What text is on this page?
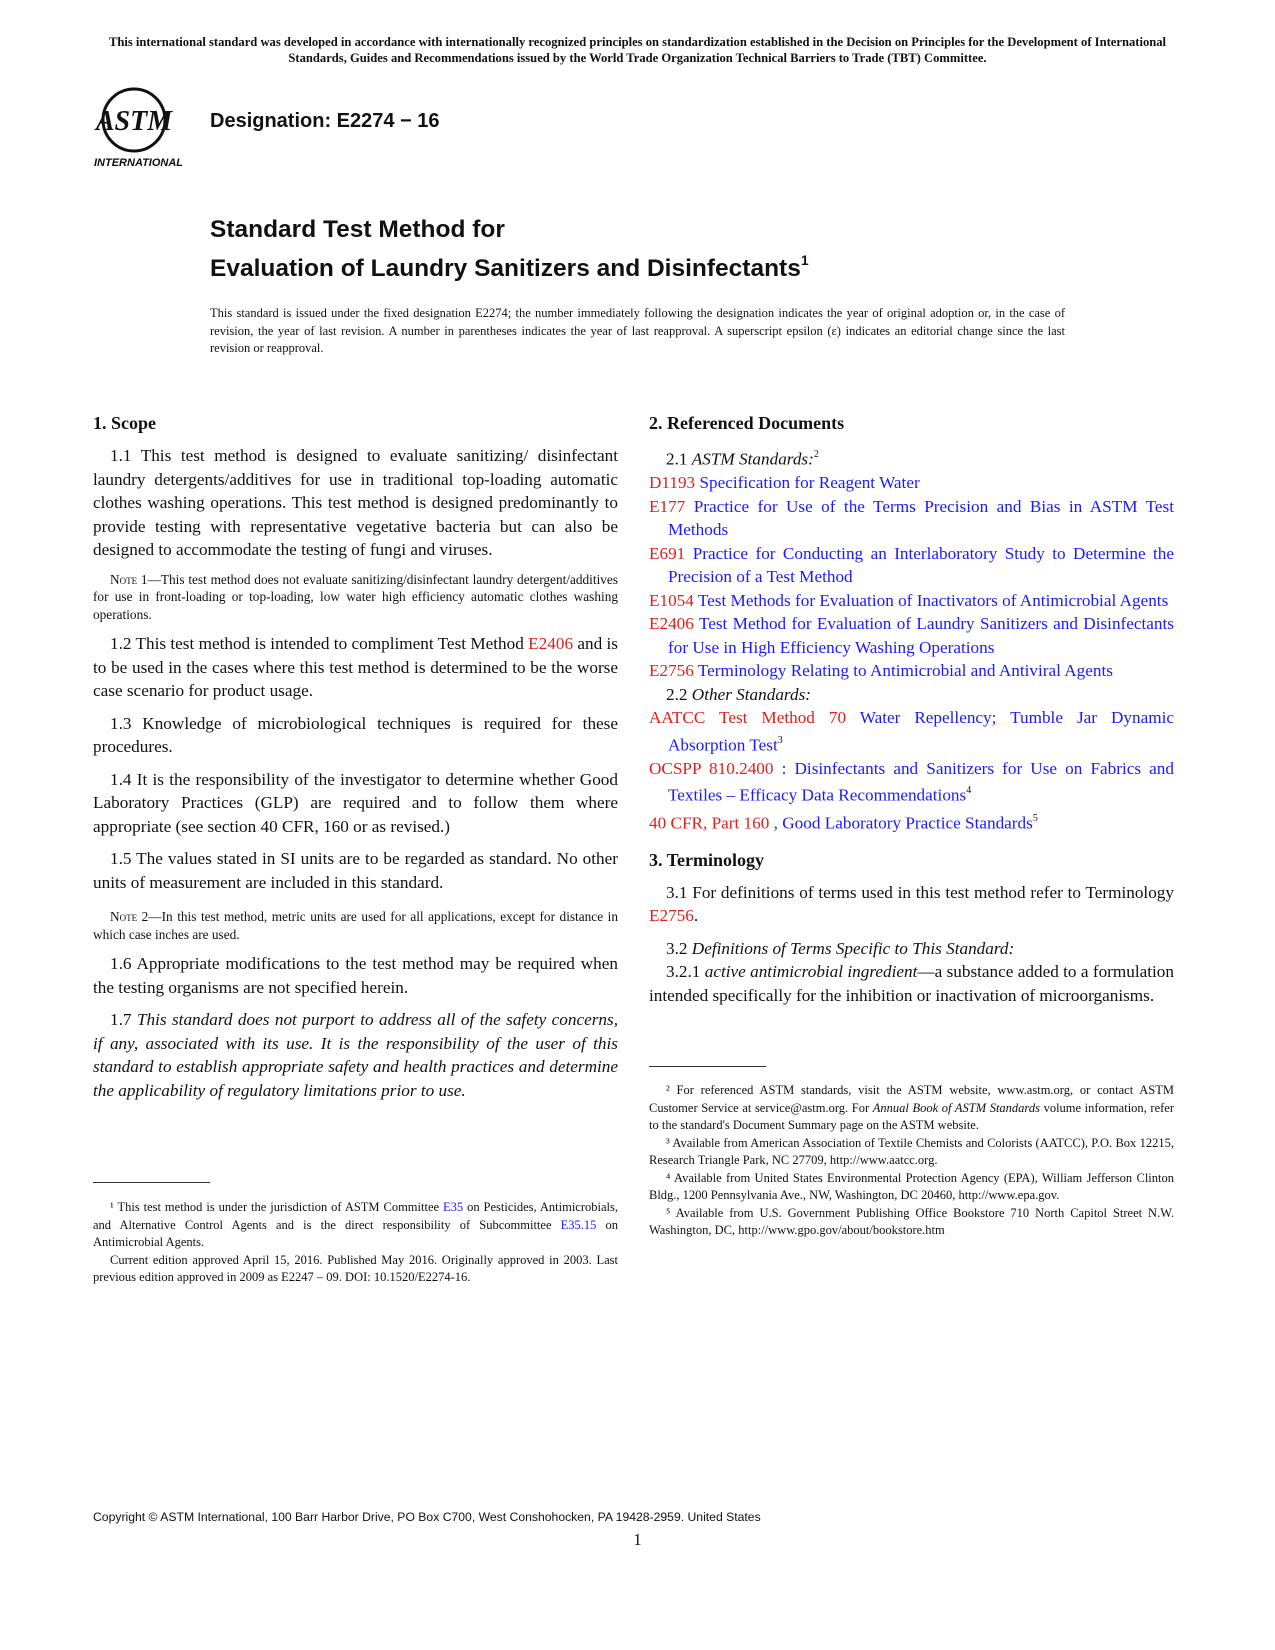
This international standard was developed in accordance with internationally recognized principles on standardization established in the Decision on Principles for the Development of International Standards, Guides and Recommendations issued by the World Trade Organization Technical Barriers to Trade (TBT) Committee.
ASTM
INTERNATIONAL
Designation: E2274 − 16
Standard Test Method for
Evaluation of Laundry Sanitizers and Disinfectants$^1$
This standard is issued under the fixed designation E2274; the number immediately following the designation indicates the year of original adoption or, in the case of revision, the year of last revision. A number in parentheses indicates the year of last reapproval. A superscript epsilon (ε) indicates an editorial change since the last revision or reapproval.
1. Scope

1.1 This test method is designed to evaluate sanitizing/ disinfectant laundry detergents/additives for use in traditional top-loading automatic clothes washing operations. This test method is designed predominantly to provide testing with representative vegetative bacteria but can also be designed to accommodate the testing of fungi and viruses.

Note 1—This test method does not evaluate sanitizing/disinfectant laundry detergent/additives for use in front-loading or top-loading, low water high efficiency automatic clothes washing operations.

1.2 This test method is intended to compliment Test Method E2406 and is to be used in the cases where this test method is determined to be the worse case scenario for product usage.

1.3 Knowledge of microbiological techniques is required for these procedures.

1.4 It is the responsibility of the investigator to determine whether Good Laboratory Practices (GLP) are required and to follow them where appropriate (see section 40 CFR, 160 or as revised.)

1.5 The values stated in SI units are to be regarded as standard. No other units of measurement are included in this standard.

Note 2—In this test method, metric units are used for all applications, except for distance in which case inches are used.

1.6 Appropriate modifications to the test method may be required when the testing organisms are not specified herein.

1.7 This standard does not purport to address all of the safety concerns, if any, associated with its use. It is the responsibility of the user of this standard to establish appropriate safety and health practices and determine the applicability of regulatory limitations prior to use.

2. Referenced Documents

2.1 ASTM Standards:$^2$

D1193 Specification for Reagent Water

E177 Practice for Use of the Terms Precision and Bias in ASTM Test Methods

E691 Practice for Conducting an Interlaboratory Study to Determine the Precision of a Test Method

E1054 Test Methods for Evaluation of Inactivators of Antimicrobial Agents

E2406 Test Method for Evaluation of Laundry Sanitizers and Disinfectants for Use in High Efficiency Washing Operations

E2756 Terminology Relating to Antimicrobial and Antiviral Agents

2.2 Other Standards:

AATCC Test Method 70 Water Repellency; Tumble Jar Dynamic Absorption Test$^3$

OCSPP 810.2400 : Disinfectants and Sanitizers for Use on Fabrics and Textiles – Efficacy Data Recommendations$^4$

40 CFR, Part 160 , Good Laboratory Practice Standards$^5$

3. Terminology

3.1 For definitions of terms used in this test method refer to Terminology E2756.

3.2 Definitions of Terms Specific to This Standard:

3.2.1 active antimicrobial ingredient—a substance added to a formulation intended specifically for the inhibition or inactivation of microorganisms.

¹ This test method is under the jurisdiction of ASTM Committee E35 on Pesticides, Antimicrobials, and Alternative Control Agents and is the direct responsibility of Subcommittee E35.15 on Antimicrobial Agents.

Current edition approved April 15, 2016. Published May 2016. Originally approved in 2003. Last previous edition approved in 2009 as E2247 – 09. DOI: 10.1520/E2274-16.

² For referenced ASTM standards, visit the ASTM website, www.astm.org, or contact ASTM Customer Service at service@astm.org. For Annual Book of ASTM Standards volume information, refer to the standard's Document Summary page on the ASTM website.

³ Available from American Association of Textile Chemists and Colorists (AATCC), P.O. Box 12215, Research Triangle Park, NC 27709, http://www.aatcc.org.

⁴ Available from United States Environmental Protection Agency (EPA), William Jefferson Clinton Bldg., 1200 Pennsylvania Ave., NW, Washington, DC 20460, http://www.epa.gov.

⁵ Available from U.S. Government Publishing Office Bookstore 710 North Capitol Street N.W. Washington, DC, http://www.gpo.gov/about/bookstore.htm

Copyright © ASTM International, 100 Barr Harbor Drive, PO Box C700, West Conshohocken, PA 19428-2959. United States
1
